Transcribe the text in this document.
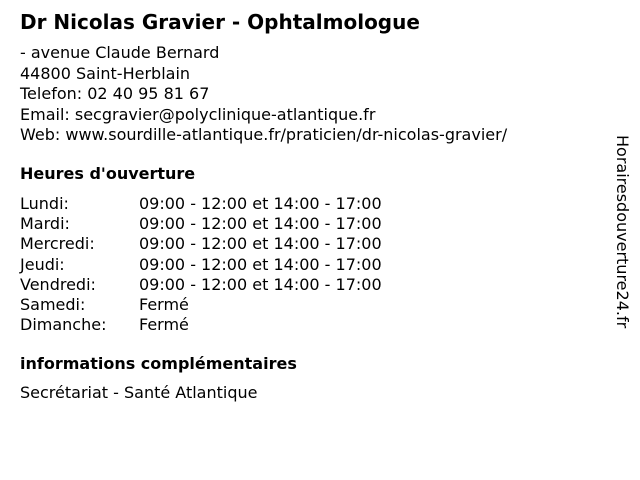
Dr Nicolas Gravier - Ophtalmologue
- avenue Claude Bernard
44800 Saint-Herblain
Telefon: 02 40 95 81 67
Email: secgravier@polyclinique-atlantique.fr
Web: www.sourdille-atlantique.fr/praticien/dr-nicolas-gravier/
Heures d'ouverture
Lundi:	09:00 - 12:00 et 14:00 - 17:00
Mardi:	09:00 - 12:00 et 14:00 - 17:00
Mercredi:	09:00 - 12:00 et 14:00 - 17:00
Jeudi:	09:00 - 12:00 et 14:00 - 17:00
Vendredi:	09:00 - 12:00 et 14:00 - 17:00
Samedi:	Fermé
Dimanche:	Fermé
informations complémentaires
Secrétariat - Santé Atlantique
Horairesdouverture24.fr
